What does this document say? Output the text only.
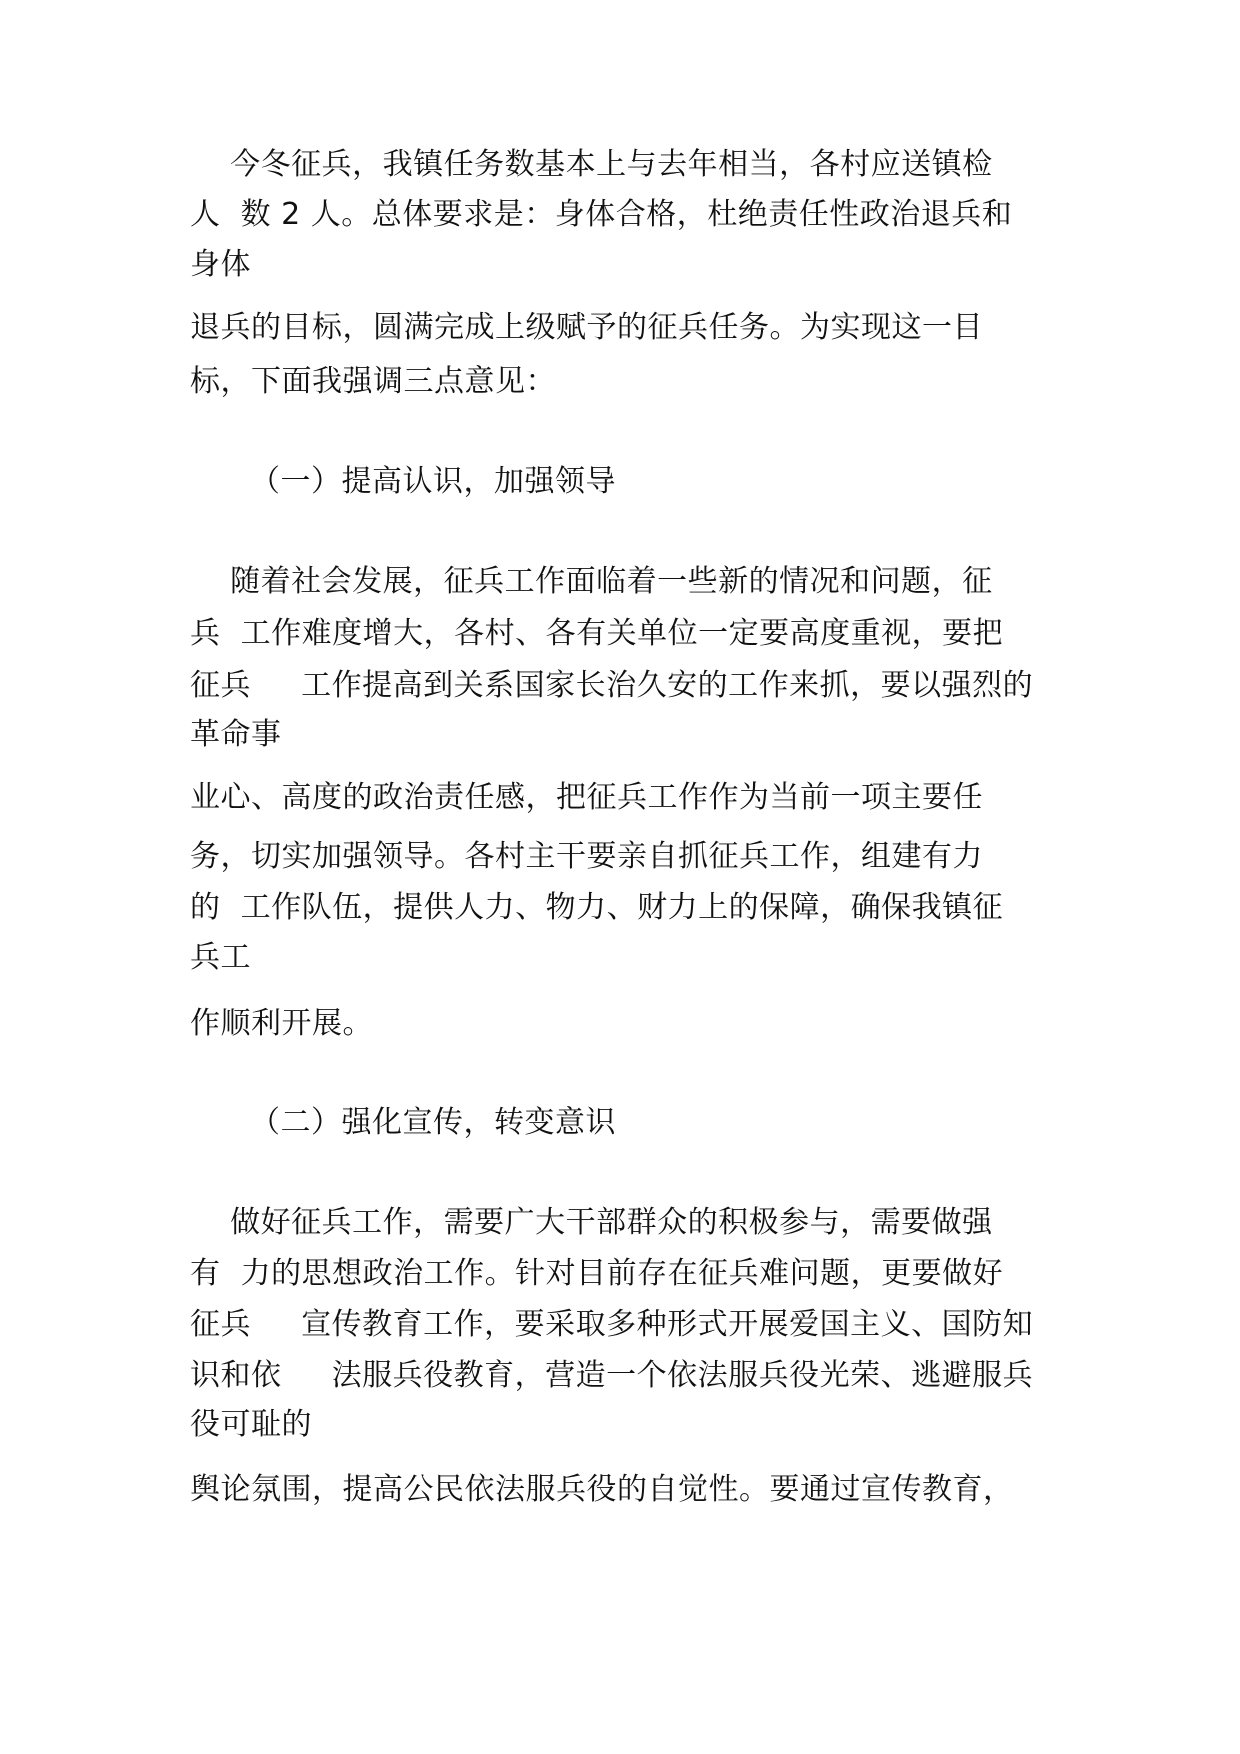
今冬征兵，我镇任务数基本上与去年相当，各村应送镇检
人  数 2 人。总体要求是：身体合格，杜绝责任性政治退兵和
身体
退兵的目标，圆满完成上级赋予的征兵任务。为实现这一目
标，下面我强调三点意见：
（一）提高认识，加强领导
随着社会发展，征兵工作面临着一些新的情况和问题，征
兵  工作难度增大，各村、各有关单位一定要高度重视，要把
征兵     工作提高到关系国家长治久安的工作来抓，要以强烈的
革命事
业心、高度的政治责任感，把征兵工作作为当前一项主要任
务，切实加强领导。各村主干要亲自抓征兵工作，组建有力
的  工作队伍，提供人力、物力、财力上的保障，确保我镇征
兵工
作顺利开展。
（二）强化宣传，转变意识
做好征兵工作，需要广大干部群众的积极参与，需要做强
有  力的思想政治工作。针对目前存在征兵难问题，更要做好
征兵     宣传教育工作，要采取多种形式开展爱国主义、国防知
识和依     法服兵役教育，营造一个依法服兵役光荣、逃避服兵
役可耻的
舆论氛围，提高公民依法服兵役的自觉性。要通过宣传教育，
